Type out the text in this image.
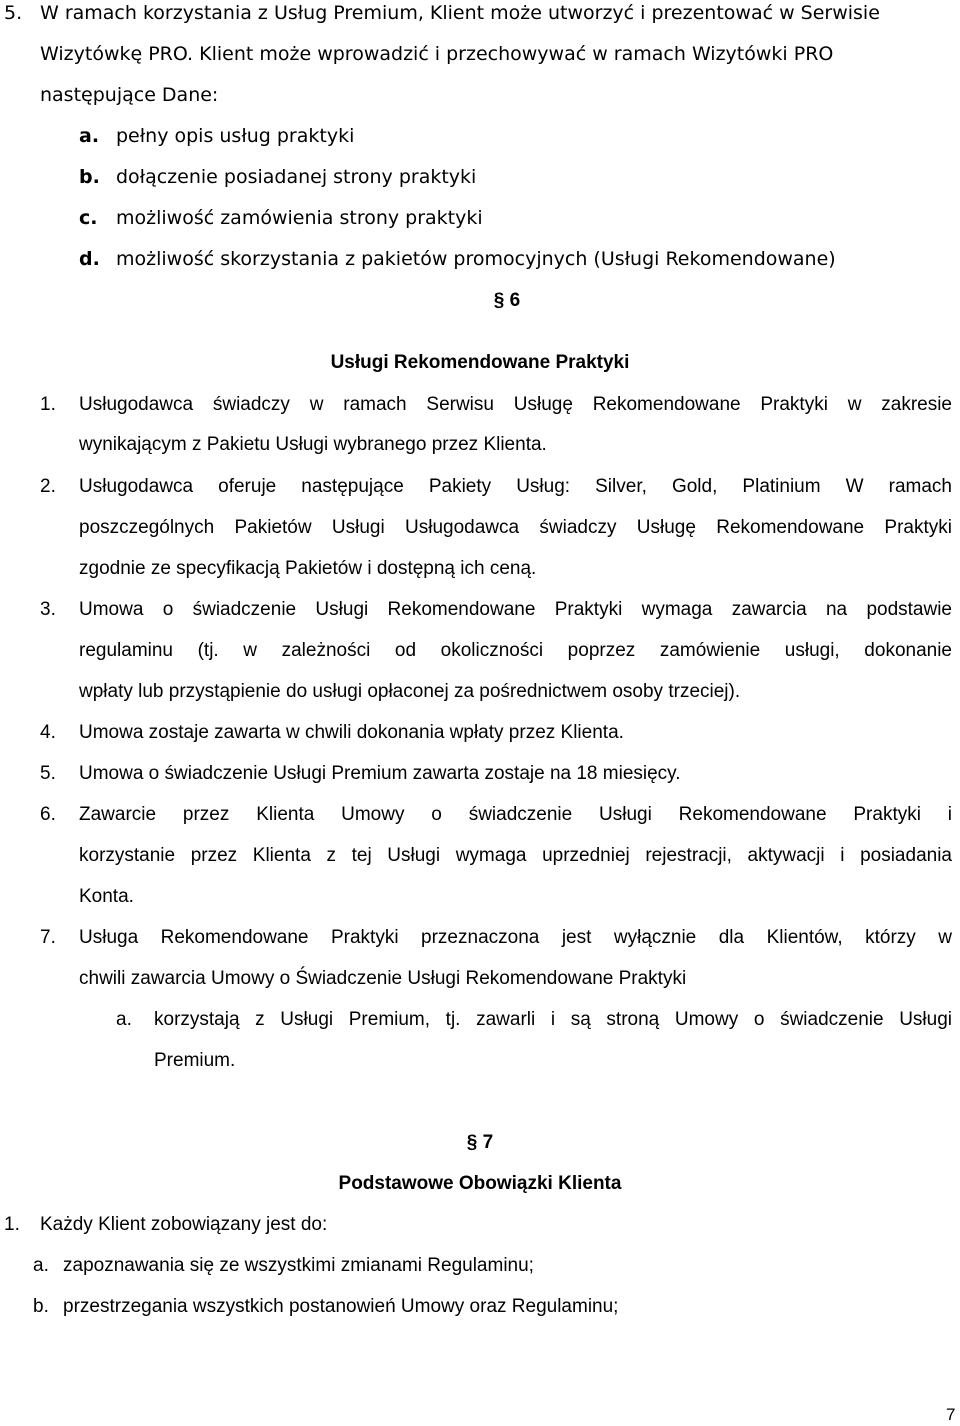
5. W ramach korzystania z Usług Premium, Klient może utworzyć i prezentować w Serwisie
Wizytówkę PRO. Klient może wprowadzić i przechowywać w ramach Wizytówki PRO
następujące Dane:
a. pełny opis usług praktyki
b. dołączenie posiadanej strony praktyki
c. możliwość zamówienia strony praktyki
d. możliwość skorzystania z pakietów promocyjnych (Usługi Rekomendowane)
§ 6
Usługi Rekomendowane Praktyki
1. Usługodawca świadczy w ramach Serwisu Usługę Rekomendowane Praktyki w zakresie
wynikającym z Pakietu Usługi wybranego przez Klienta.
2. Usługodawca oferuje następujące Pakiety Usług: Silver, Gold, Platinium W ramach
poszczególnych Pakietów Usługi Usługodawca świadczy Usługę Rekomendowane Praktyki
zgodnie ze specyfikacją Pakietów i dostępną ich ceną.
3. Umowa o świadczenie Usługi Rekomendowane Praktyki wymaga zawarcia na podstawie
regulaminu (tj. w zależności od okoliczności poprzez zamówienie usługi, dokonanie
wpłaty lub przystąpienie do usługi opłaconej za pośrednictwem osoby trzeciej).
4. Umowa zostaje zawarta w chwili dokonania wpłaty przez Klienta.
5. Umowa o świadczenie Usługi Premium zawarta zostaje na 18 miesięcy.
6. Zawarcie przez Klienta Umowy o świadczenie Usługi Rekomendowane Praktyki i
korzystanie przez Klienta z tej Usługi wymaga uprzedniej rejestracji, aktywacji i posiadania
Konta.
7. Usługa Rekomendowane Praktyki przeznaczona jest wyłącznie dla Klientów, którzy w
chwili zawarcia Umowy o Świadczenie Usługi Rekomendowane Praktyki
a. korzystają z Usługi Premium, tj. zawarli i są stroną Umowy o świadczenie Usługi
Premium.
§ 7
Podstawowe Obowiązki Klienta
1. Każdy Klient zobowiązany jest do:
a. zapoznawania się ze wszystkimi zmianami Regulaminu;
b. przestrzegania wszystkich postanowień Umowy oraz Regulaminu;
7
